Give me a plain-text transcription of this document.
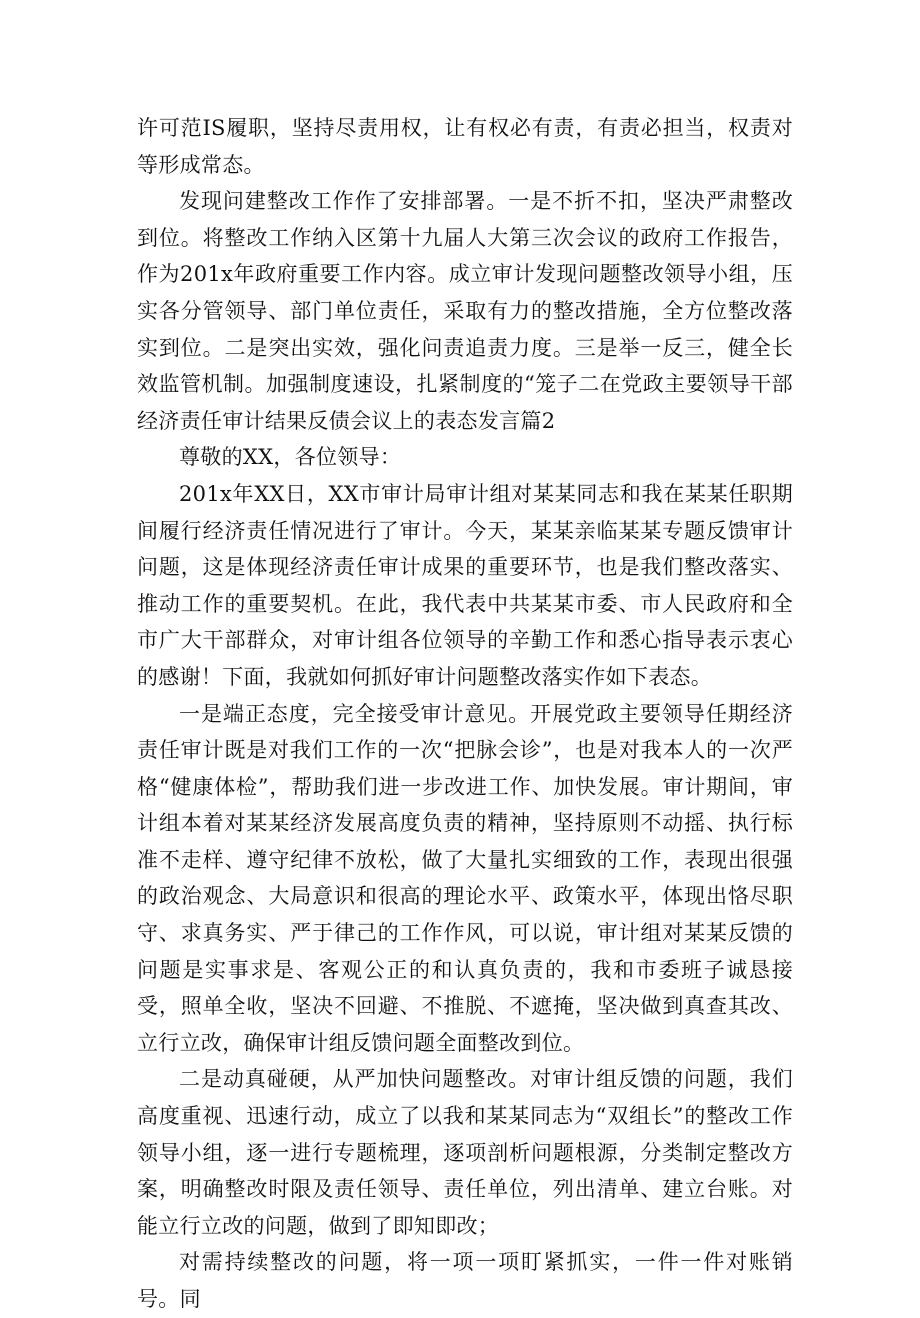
许可范IS履职，坚持尽责用权，让有权必有责，有责必担当，权责对等形成常态。

发现问建整改工作作了安排部署。一是不折不扣，坚决严肃整改到位。将整改工作纳入区第十九届人大第三次会议的政府工作报告，作为201x年政府重要工作内容。成立审计发现问题整改领导小组，压实各分管领导、部门单位责任，采取有力的整改措施，全方位整改落实到位。二是突出实效，强化问责追责力度。三是举一反三，健全长效监管机制。加强制度速设，扎紧制度的“笼子二在党政主要领导干部经济责任审计结果反债会议上的表态发言篇2

尊敬的XX，各位领导：

201x年XX日，XX市审计局审计组对某某同志和我在某某任职期间履行经济责任情况进行了审计。今天，某某亲临某某专题反馈审计问题，这是体现经济责任审计成果的重要环节，也是我们整改落实、推动工作的重要契机。在此，我代表中共某某市委、市人民政府和全市广大干部群众，对审计组各位领导的辛勤工作和悉心指导表示衷心的感谢！下面，我就如何抓好审计问题整改落实作如下表态。

一是端正态度，完全接受审计意见。开展党政主要领导任期经济责任审计既是对我们工作的一次“把脉会诊”，也是对我本人的一次严格“健康体检”，帮助我们进一步改进工作、加快发展。审计期间，审计组本着对某某经济发展高度负责的精神，坚持原则不动摇、执行标准不走样、遵守纪律不放松，做了大量扎实细致的工作，表现出很强的政治观念、大局意识和很高的理论水平、政策水平，体现出恪尽职守、求真务实、严于律己的工作作风，可以说，审计组对某某反馈的问题是实事求是、客观公正的和认真负责的，我和市委班子诚恳接受，照单全收，坚决不回避、不推脱、不遮掩，坚决做到真查其改、立行立改，确保审计组反馈问题全面整改到位。

二是动真碰硬，从严加快问题整改。对审计组反馈的问题，我们高度重视、迅速行动，成立了以我和某某同志为“双组长”的整改工作领导小组，逐一进行专题梳理，逐项剖析问题根源，分类制定整改方案，明确整改时限及责任领导、责任单位，列出清单、建立台账。对能立行立改的问题，做到了即知即改；

对需持续整改的问题，将一项一项盯紧抓实，一件一件对账销号。同
